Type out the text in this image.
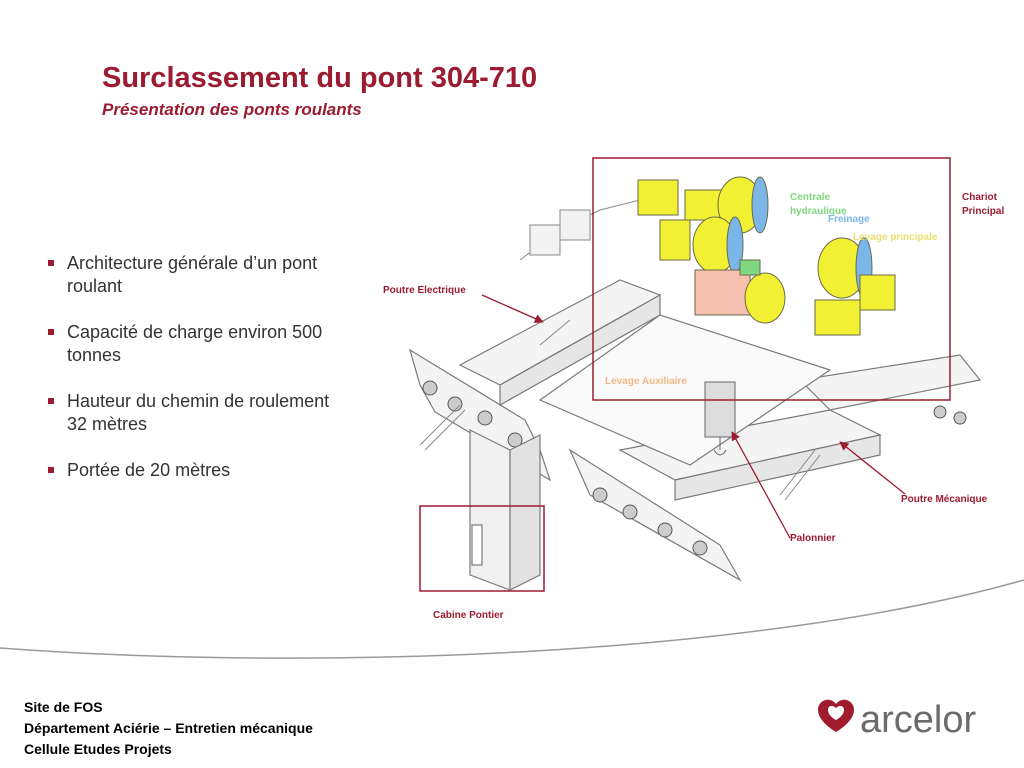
Surclassement du pont 304-710
Présentation des ponts roulants
Architecture générale d’un pont roulant
Capacité de charge environ 500 tonnes
Hauteur du chemin de roulement 32 mètres
Portée de 20 mètres
Poutre Electrique
Chariot
Principal
Centrale
hydraulique
Freinage
Levage principale
Levage Auxiliaire
Poutre Mécanique
Palonnier
Cabine Pontier
Site de FOS
Département Aciérie – Entretien mécanique
Cellule Etudes Projets
arcelor
